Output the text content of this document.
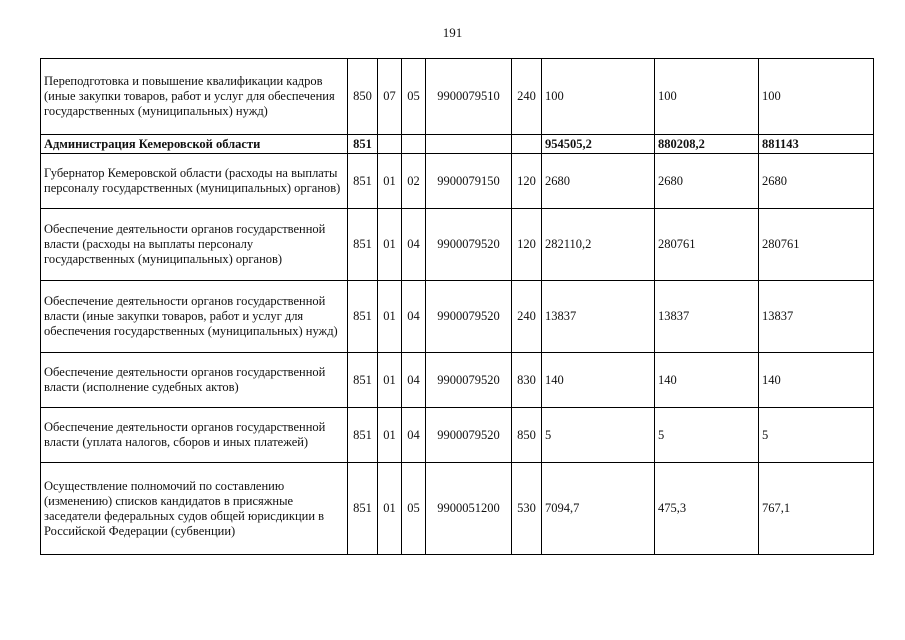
191
Переподготовка и повышение квалификации кадров (иные закупки товаров, работ и услуг для обеспечения государственных (муниципальных) нужд)	850	07	05	9900079510	240	100	100	100
Администрация Кемеровской области	851					954505,2	880208,2	881143
Губернатор Кемеровской области (расходы на выплаты персоналу государственных (муниципальных) органов)	851	01	02	9900079150	120	2680	2680	2680
Обеспечение деятельности органов государственной власти (расходы на выплаты персоналу государственных (муниципальных) органов)	851	01	04	9900079520	120	282110,2	280761	280761
Обеспечение деятельности органов государственной власти (иные закупки товаров, работ и услуг для обеспечения государственных (муниципальных) нужд)	851	01	04	9900079520	240	13837	13837	13837
Обеспечение деятельности органов государственной власти (исполнение судебных актов)	851	01	04	9900079520	830	140	140	140
Обеспечение деятельности органов государственной власти (уплата налогов, сборов и иных платежей)	851	01	04	9900079520	850	5	5	5
Осуществление полномочий по составлению (изменению) списков кандидатов в присяжные заседатели федеральных судов общей юрисдикции в Российской Федерации (субвенции)	851	01	05	9900051200	530	7094,7	475,3	767,1
